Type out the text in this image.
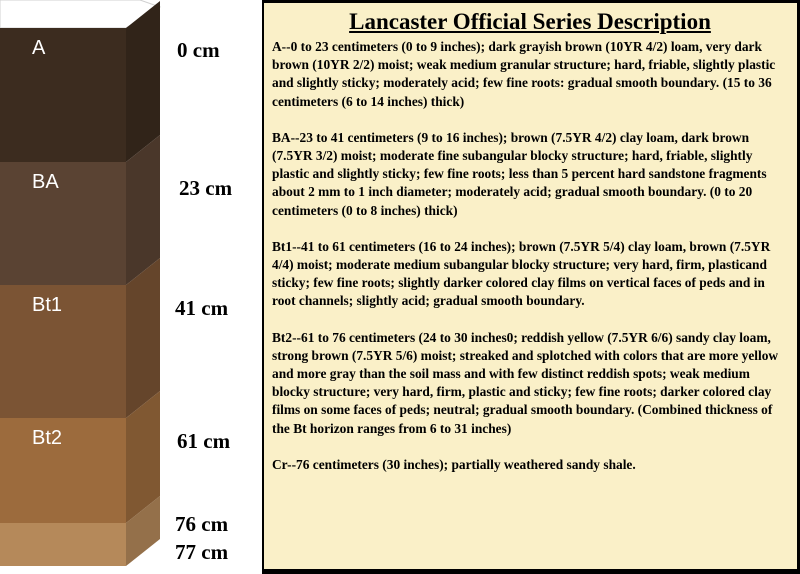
A
BA
Bt1
Bt2
0 cm
23 cm
41 cm
61 cm
76 cm
77 cm
Lancaster Official Series Description

A--0 to 23 centimeters (0 to 9 inches); dark grayish brown (10YR 4/2) loam, very dark brown (10YR 2/2) moist; weak medium granular structure; hard, friable, slightly plastic and slightly sticky; moderately acid; few fine roots: gradual smooth boundary. (15 to 36 centimeters (6 to 14 inches) thick)

BA--23 to 41 centimeters (9 to 16 inches); brown (7.5YR 4/2) clay loam, dark brown (7.5YR 3/2) moist; moderate fine subangular blocky structure; hard, friable, slightly plastic and slightly sticky; few fine roots; less than 5 percent hard sandstone fragments about 2 mm to 1 inch diameter; moderately acid; gradual smooth boundary. (0 to 20 centimeters (0 to 8 inches) thick)

Bt1--41 to 61 centimeters (16 to 24 inches); brown (7.5YR 5/4) clay loam, brown (7.5YR 4/4) moist; moderate medium subangular blocky structure; very hard, firm, plasticand sticky; few fine roots; slightly darker colored clay films on vertical faces of peds and in root channels; slightly acid; gradual smooth boundary.

Bt2--61 to 76 centimeters (24 to 30 inches0; reddish yellow (7.5YR 6/6) sandy clay loam, strong brown (7.5YR 5/6) moist; streaked and splotched with colors that are more yellow and more gray than the soil mass and with few distinct reddish spots; weak medium blocky structure; very hard, firm, plastic and sticky; few fine roots; darker colored clay films on some faces of peds; neutral; gradual smooth boundary. (Combined thickness of the Bt horizon ranges from 6 to 31 inches)

Cr--76 centimeters (30 inches); partially weathered sandy shale.
